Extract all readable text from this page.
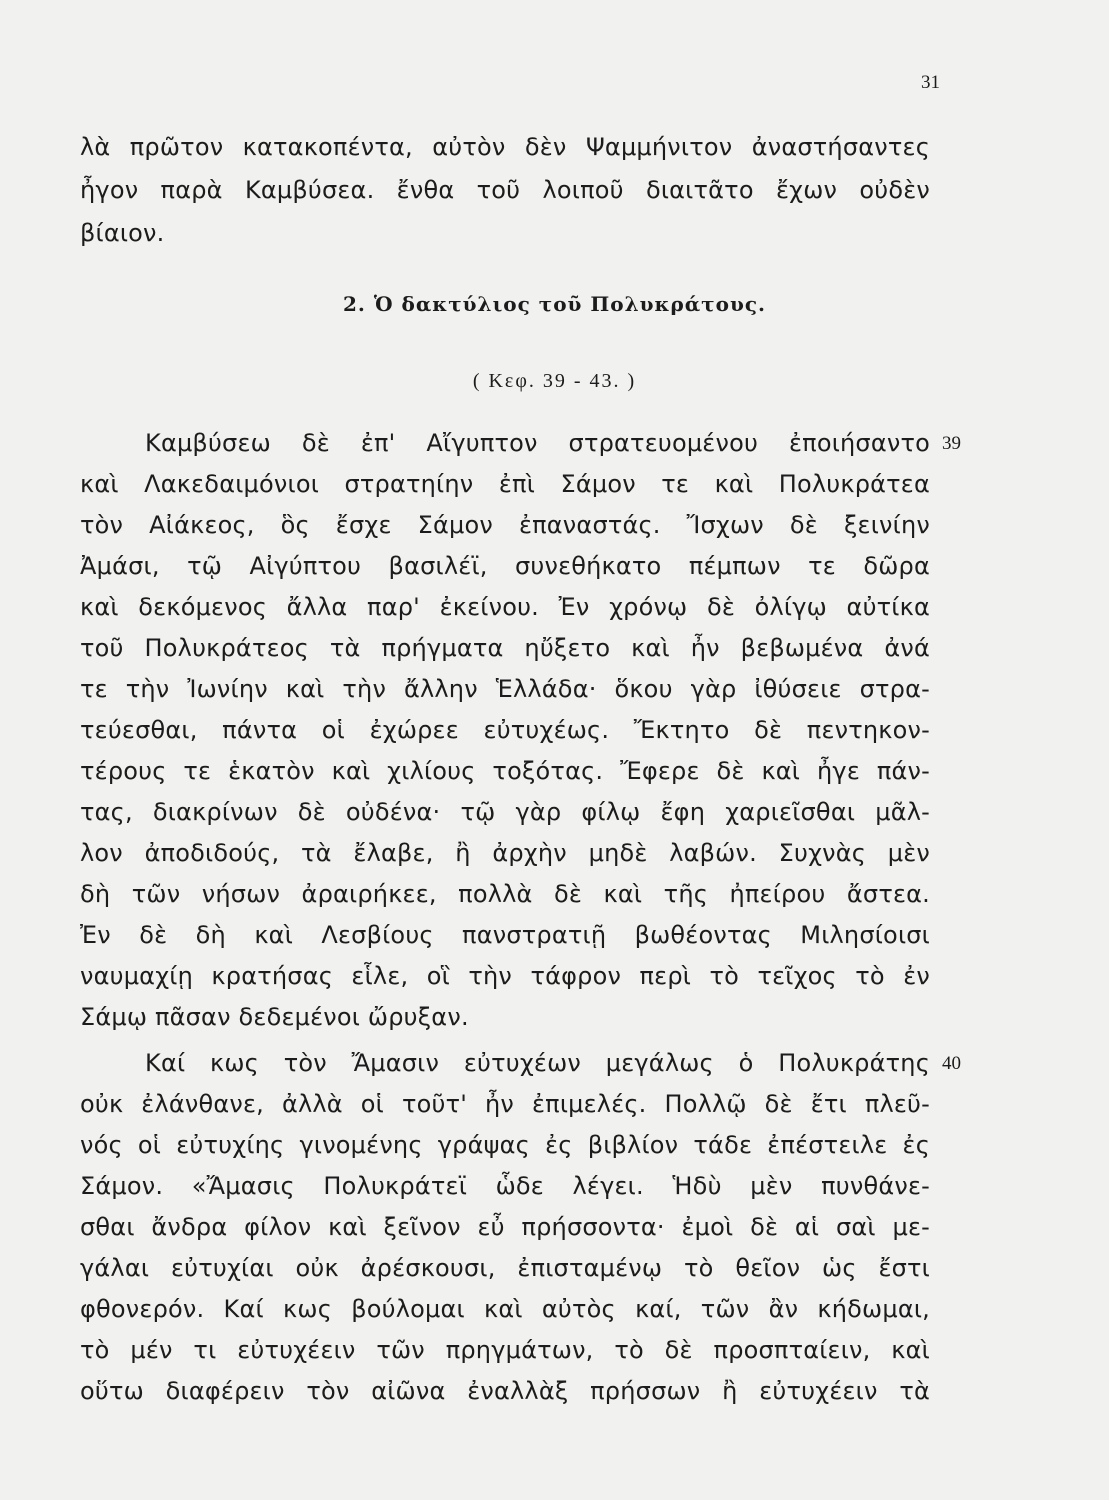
31
λὰ πρῶτον κατακοπέντα, αὐτὸν δὲν Ψαμμήνιτον ἀναστήσαντες
ἦγον παρὰ Καμβύσεα. ἔνθα τοῦ λοιποῦ διαιτᾶτο ἔχων οὐδὲν
βίαιον.
2. Ὁ δακτύλιος τοῦ Πολυκράτους.
( Κεφ. 39 - 43. )
39
Καμβύσεω δὲ ἐπ' Αἴγυπτον στρατευομένου ἐποιήσαντο
καὶ Λακεδαιμόνιοι στρατηίην ἐπὶ Σάμον τε καὶ Πολυκράτεα
τὸν Αἰάκεος, ὃς ἔσχε Σάμον ἐπαναστάς. Ἴσχων δὲ ξεινίην
Ἀμάσι, τῷ Αἰγύπτου βασιλέϊ, συνεθήκατο πέμπων τε δῶρα
καὶ δεκόμενος ἄλλα παρ' ἐκείνου. Ἐν χρόνῳ δὲ ὀλίγῳ αὐτίκα
τοῦ Πολυκράτεος τὰ πρήγματα ηὔξετο καὶ ἦν βεβωμένα ἀνά
τε τὴν Ἰωνίην καὶ τὴν ἄλλην Ἑλλάδα· ὅκου γὰρ ἰθύσειε στρα-
τεύεσθαι, πάντα οἱ ἐχώρεε εὐτυχέως. Ἔκτητο δὲ πεντηκον-
τέρους τε ἑκατὸν καὶ χιλίους τοξότας. Ἔφερε δὲ καὶ ἦγε πάν-
τας, διακρίνων δὲ οὐδένα· τῷ γὰρ φίλῳ ἔφη χαριεῖσθαι μᾶλ-
λον ἀποδιδούς, τὰ ἔλαβε, ἢ ἀρχὴν μηδὲ λαβών. Συχνὰς μὲν
δὴ τῶν νήσων ἀραιρήκεε, πολλὰ δὲ καὶ τῆς ἠπείρου ἄστεα.
Ἐν δὲ δὴ καὶ Λεσβίους πανστρατιῇ βωθέοντας Μιλησίοισι
ναυμαχίῃ κρατήσας εἷλε, οἳ τὴν τάφρον περὶ τὸ τεῖχος τὸ ἐν
Σάμῳ πᾶσαν δεδεμένοι ὤρυξαν.
40
Καί κως τὸν Ἄμασιν εὐτυχέων μεγάλως ὁ Πολυκράτης
οὐκ ἐλάνθανε, ἀλλὰ οἱ τοῦτ' ἦν ἐπιμελές. Πολλῷ δὲ ἔτι πλεῦ-
νός οἱ εὐτυχίης γινομένης γράψας ἐς βιβλίον τάδε ἐπέστειλε ἐς
Σάμον. «Ἄμασις Πολυκράτεϊ ὧδε λέγει. Ἡδὺ μὲν πυνθάνε-
σθαι ἄνδρα φίλον καὶ ξεῖνον εὖ πρήσσοντα· ἐμοὶ δὲ αἱ σαὶ με-
γάλαι εὐτυχίαι οὐκ ἀρέσκουσι, ἐπισταμένῳ τὸ θεῖον ὡς ἔστι
φθονερόν. Καί κως βούλομαι καὶ αὐτὸς καί, τῶν ἂν κήδωμαι,
τὸ μέν τι εὐτυχέειν τῶν πρηγμάτων, τὸ δὲ προσπταίειν, καὶ
οὕτω διαφέρειν τὸν αἰῶνα ἐναλλὰξ πρήσσων ἢ εὐτυχέειν τὰ
